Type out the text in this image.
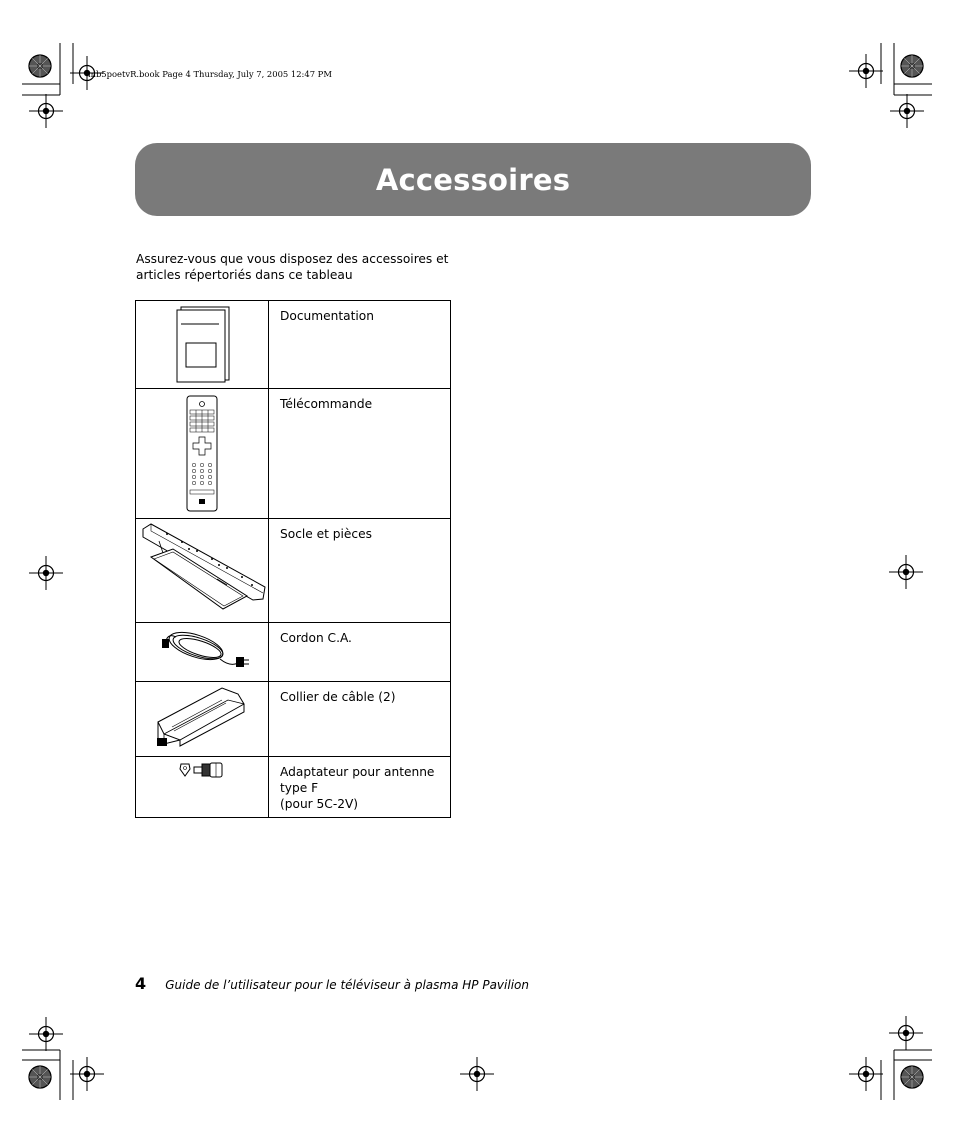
mb5poetvR.book Page 4 Thursday, July 7, 2005 12:47 PM
Accessoires
Assurez-vous que vous disposez des accessoires et
articles répertoriés dans ce tableau

Documentation

Télécommande

Socle et pièces

Cordon C.A.

Collier de câble (2)

Adaptateur pour antenne
type F
(pour 5C-2V)
4 Guide de l’utilisateur pour le téléviseur à plasma HP Pavilion
